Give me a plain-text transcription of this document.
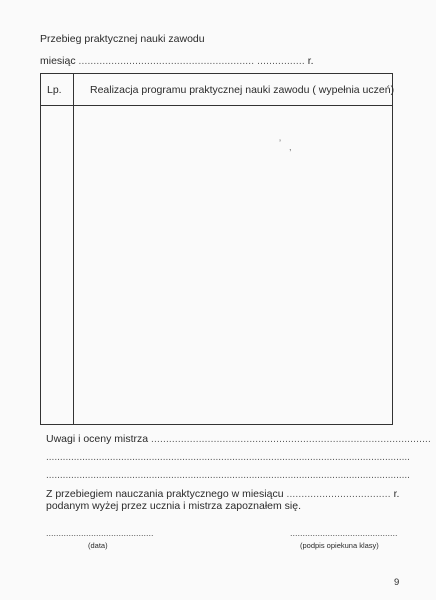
Przebieg praktycznej nauki zawodu
miesiąc ........................................................... ................ r.
Lp.	Realizacja programu praktycznej nauki zawodu ( wypełnia uczeń)
’ ,
Uwagi i oceny mistrza ..............................................................................................
...................................................................................................................................
...................................................................................................................................
Z przebiegiem nauczania praktycznego w miesiącu ................................... r.
podanym wyżej przez ucznia i mistrza zapoznałem się.
...........................................
(data)
...........................................
(podpis opiekuna klasy)
9
